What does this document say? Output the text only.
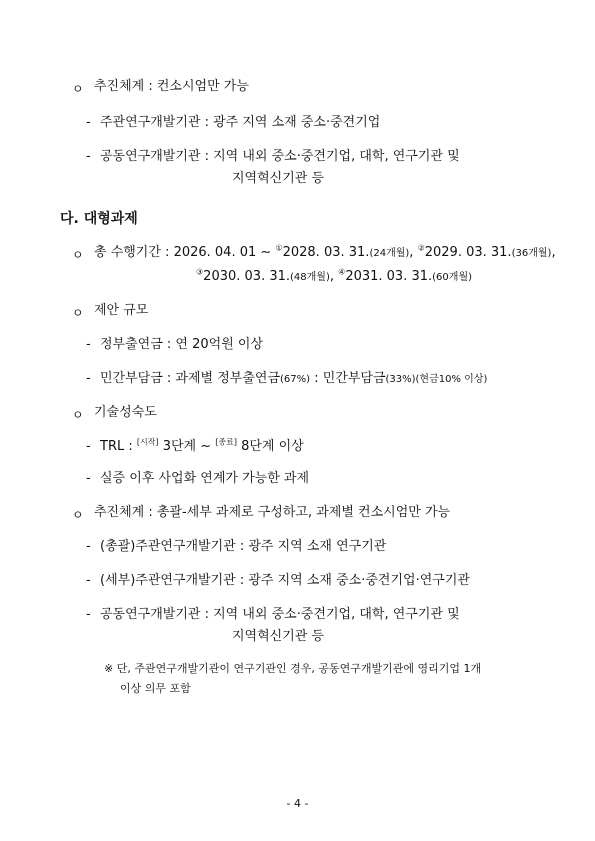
ㅇ 추진체계 : 컨소시엄만 가능
- 주관연구개발기관 : 광주 지역 소재 중소·중견기업
- 공동연구개발기관 : 지역 내외 중소·중견기업, 대학, 연구기관 및
지역혁신기관 등
다. 대형과제
ㅇ 총 수행기간 : 2026. 04. 01 ~ ①2028. 03. 31.(24개월), ②2029. 03. 31.(36개월),
③2030. 03. 31.(48개월), ④2031. 03. 31.(60개월)
ㅇ 제안 규모
- 정부출연금 : 연 20억원 이상
- 민간부담금 : 과제별 정부출연금(67%) : 민간부담금(33%)(현금10% 이상)
ㅇ 기술성숙도
- TRL : [시작] 3단계 ~ [종료] 8단계 이상
- 실증 이후 사업화 연계가 가능한 과제
ㅇ 추진체계 : 총괄-세부 과제로 구성하고, 과제별 컨소시엄만 가능
- (총괄)주관연구개발기관 : 광주 지역 소재 연구기관
- (세부)주관연구개발기관 : 광주 지역 소재 중소·중견기업·연구기관
- 공동연구개발기관 : 지역 내외 중소·중견기업, 대학, 연구기관 및
지역혁신기관 등
※ 단, 주관연구개발기관이 연구기관인 경우, 공동연구개발기관에 영리기업 1개
이상 의무 포함
- 4 -
